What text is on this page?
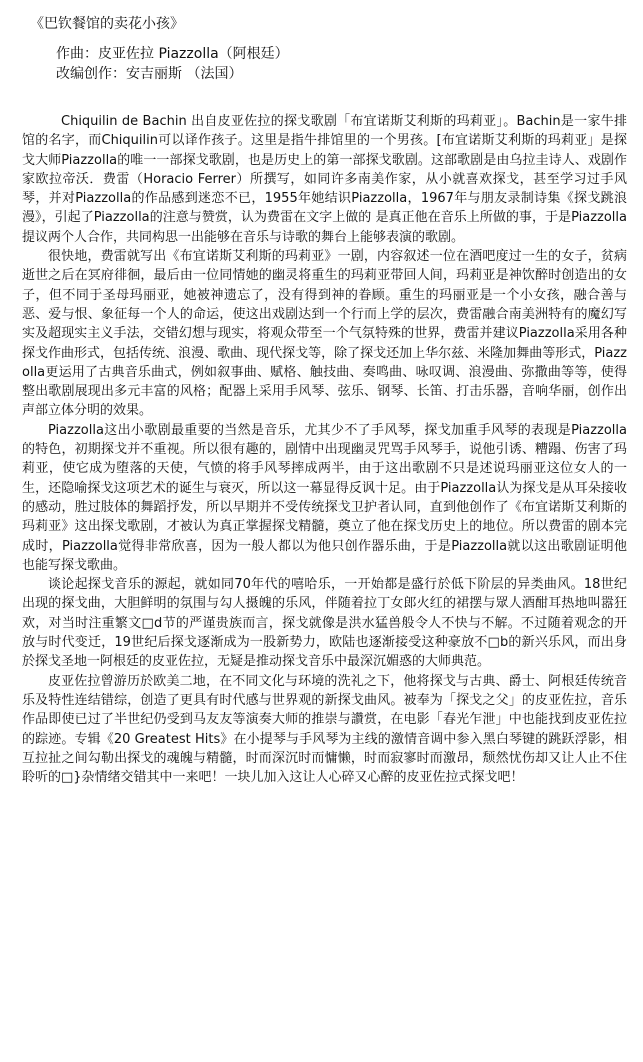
《巴钦餐馆的卖花小孩》
作曲：皮亚佐拉 Piazzolla（阿根廷）
改编创作：安吉丽斯 （法国）

Chiquilin de Bachin 出自皮亚佐拉的探戈歌剧「布宜诺斯艾利斯的玛莉亚」。Bachin是一家牛排馆的名字，而Chiquilin可以译作孩子。这里是指牛排馆里的一个男孩。[布宜诺斯艾利斯的玛莉亚」是探戈大师Piazzolla的唯一一部探戈歌剧，也是历史上的第一部探戈歌剧。这部歌剧是由乌拉圭诗人、戏剧作家欧拉帝沃．费雷（Horacio Ferrer）所撰写，如同许多南美作家，从小就喜欢探戈，甚至学习过手风琴，并对Piazzolla的作品感到迷恋不已，1955年她结识Piazzolla，1967年与朋友录制诗集《探戈跳浪漫》，引起了Piazzolla的注意与赞赏，认为费雷在文字上做的 是真正他在音乐上所做的事，于是Piazzolla提议两个人合作，共同构思一出能够在音乐与诗歌的舞台上能够表演的歌剧。

很快地，费雷就写出《布宜诺斯艾利斯的玛莉亚》一剧，内容叙述一位在酒吧度过一生的女子，贫病逝世之后在冥府徘徊，最后由一位同情她的幽灵将重生的玛莉亚带回人间，玛莉亚是神饮醉时创造出的女子，但不同于圣母玛丽亚，她被神遗忘了，没有得到神的眷顾。重生的玛丽亚是一个小女孩，融合善与恶、爱与恨、象征每一个人的命运，使这出戏剧达到一个行而上学的层次，费雷融合南美洲特有的魔幻写实及超现实主义手法，交错幻想与现实，将观众带至一个气氛特殊的世界，费雷并建议Piazzolla采用各种探戈作曲形式，包括传统、浪漫、歌曲、现代探戈等，除了探戈还加上华尔兹、米隆加舞曲等形式，Piazzolla更运用了古典音乐曲式，例如叙事曲、赋格、触技曲、奏鸣曲、咏叹调、浪漫曲、弥撒曲等等，使得整出歌剧展现出多元丰富的风格；配器上采用手风琴、弦乐、钢琴、长笛、打击乐器，音响华丽，创作出声部立体分明的效果。

Piazzolla这出小歌剧最重要的当然是音乐，尤其少不了手风琴，探戈加重手风琴的表现是Piazzolla的特色，初期探戈并不重视。所以很有趣的，剧情中出现幽灵咒骂手风琴手，说他引诱、糟蹋、伤害了玛莉亚，使它成为堕落的天使，气愤的将手风琴摔成两半，由于这出歌剧不只是述说玛丽亚这位女人的一生，还隐喻探戈这项艺术的诞生与衰灭，所以这一幕显得反讽十足。由于Piazzolla认为探戈是从耳朵接收的感动，胜过肢体的舞蹈抒发，所以早期并不受传统探戈卫护者认同，直到他创作了《布宜诺斯艾利斯的玛莉亚》这出探戈歌剧，才被认为真正掌握探戈精髓，奠立了他在探戈历史上的地位。所以费雷的剧本完成时，Piazzolla觉得非常欣喜，因为一般人都以为他只创作器乐曲，于是Piazzolla就以这出歌剧证明他也能写探戈歌曲。

谈论起探戈音乐的源起，就如同70年代的嘻哈乐，一开始都是盛行於低下阶层的异类曲风。18世纪出现的探戈曲，大胆鲜明的氛围与勾人摄魄的乐风，伴随着拉丁女郎火红的裙摆与眾人酒酣耳热地叫嚣狂欢，对当时注重繁文□d节的严谨贵族而言，探戈就像是洪水猛兽般令人不快与不解。不过随着观念的开放与时代变迁，19世纪后探戈逐渐成为一股新势力，欧陆也逐渐接受这种豪放不□b的新兴乐风，而出身於探戈圣地一阿根廷的皮亚佐拉，无疑是推动探戈音乐中最深沉媚惑的大师典范。

皮亚佐拉曾游历於欧美二地，在不同文化与环境的洗礼之下，他将探戈与古典、爵士、阿根廷传统音乐及特性连结错综，创造了更具有时代感与世界观的新探戈曲风。被奉为「探戈之父」的皮亚佐拉，音乐作品即使已过了半世纪仍受到马友友等演奏大师的推崇与讚赏，在电影「春光乍泄」中也能找到皮亚佐拉的踪迹。专辑《20 Greatest Hits》在小提琴与手风琴为主线的激情音调中参入黑白琴键的跳跃浮影，相互拉扯之间勾勒出探戈的魂魄与精髓，时而深沉时而慵懒，时而寂寥时而激昂，颓然忧伤却又让人止不住聆听的□}杂情绪交错其中一来吧！一块儿加入这让人心碎又心醉的皮亚佐拉式探戈吧！
